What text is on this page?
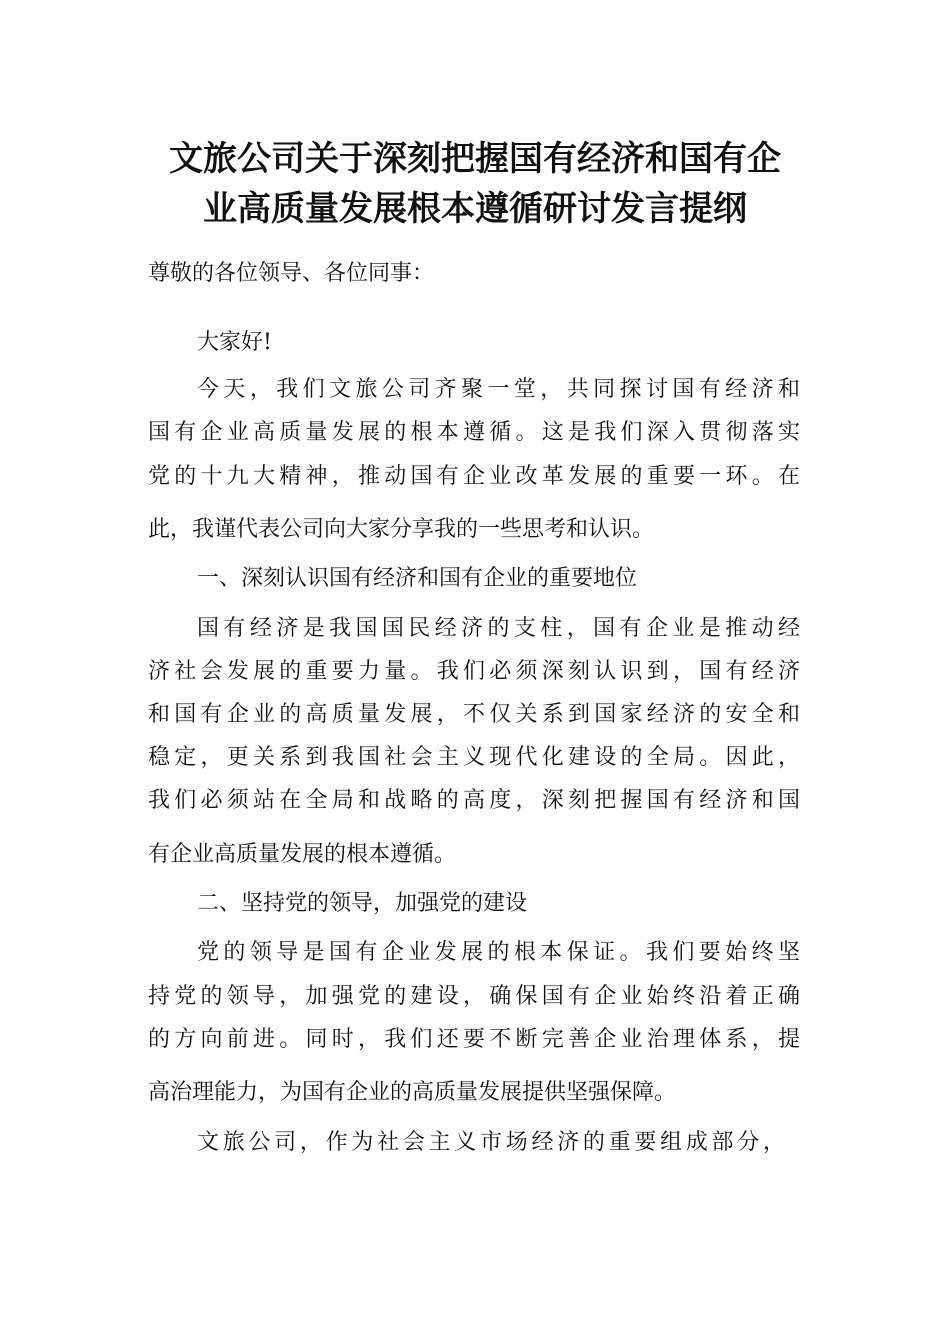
文旅公司关于深刻把握国有经济和国有企
业高质量发展根本遵循研讨发言提纲

尊敬的各位领导、各位同事：

大家好!

今天，我们文旅公司齐聚一堂，共同探讨国有经济和

国有企业高质量发展的根本遵循。这是我们深入贯彻落实

党的十九大精神，推动国有企业改革发展的重要一环。在

此，我谨代表公司向大家分享我的一些思考和认识。

一、深刻认识国有经济和国有企业的重要地位

国有经济是我国国民经济的支柱，国有企业是推动经

济社会发展的重要力量。我们必须深刻认识到，国有经济

和国有企业的高质量发展，不仅关系到国家经济的安全和

稳定，更关系到我国社会主义现代化建设的全局。因此，

我们必须站在全局和战略的高度，深刻把握国有经济和国

有企业高质量发展的根本遵循。

二、坚持党的领导，加强党的建设

党的领导是国有企业发展的根本保证。我们要始终坚

持党的领导，加强党的建设，确保国有企业始终沿着正确

的方向前进。同时，我们还要不断完善企业治理体系，提

高治理能力，为国有企业的高质量发展提供坚强保障。

文旅公司，作为社会主义市场经济的重要组成部分，
